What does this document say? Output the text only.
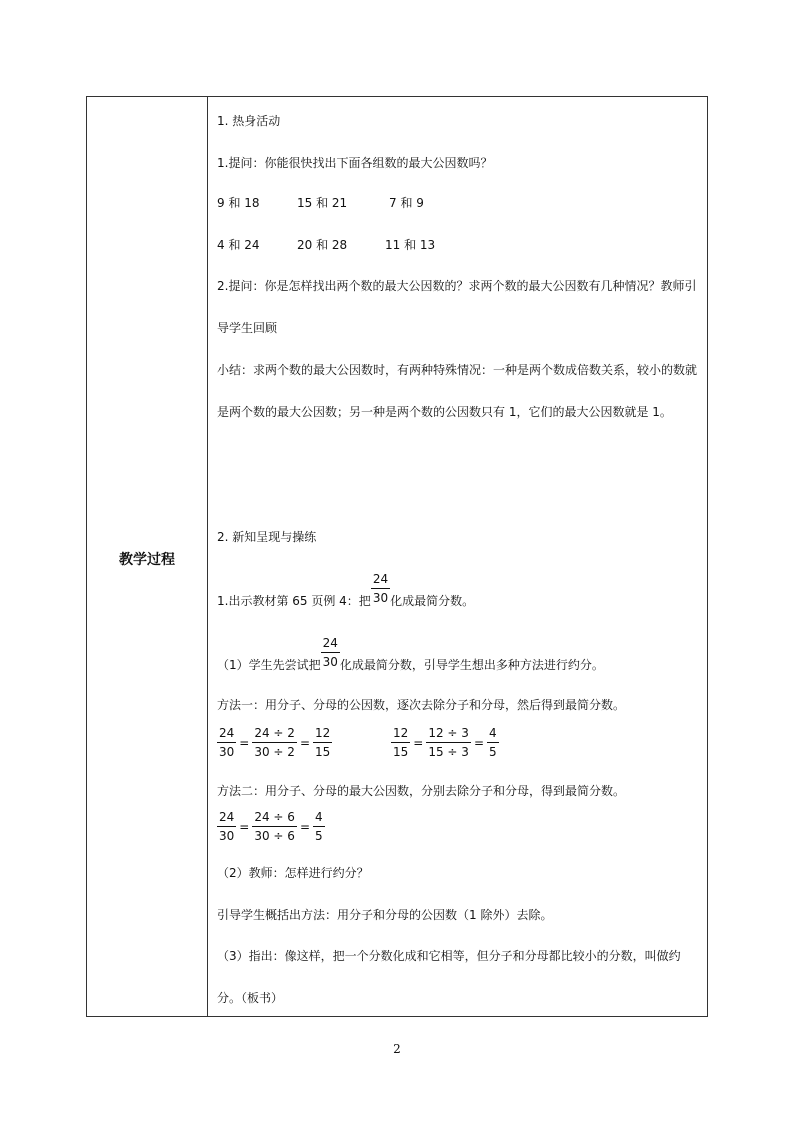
教学过程
1. 热身活动
1.提问：你能很快找出下面各组数的最大公因数吗？
9 和 18	15 和 21	7 和 9
4 和 24	20 和 28	11 和 13
2.提问：你是怎样找出两个数的最大公因数的？求两个数的最大公因数有几种情况？教师引导学生回顾
小结：求两个数的最大公因数时，有两种特殊情况：一种是两个数成倍数关系，较小的数就是两个数的最大公因数；另一种是两个数的公因数只有 1，它们的最大公因数就是 1。
2. 新知呈现与操练
1.出示教材第 65 页例 4：把 $\frac{24}{30}$ 化成最简分数。
（1）学生先尝试把 $\frac{24}{30}$ 化成最简分数，引导学生想出多种方法进行约分。
方法一：用分子、分母的公因数，逐次去除分子和分母，然后得到最简分数。
$\frac{24}{30} = \frac{24 \div 2}{30 \div 2} = \frac{12}{15}$	$\frac{12}{15} = \frac{12 \div 3}{15 \div 3} = \frac{4}{5}$
方法二：用分子、分母的最大公因数，分别去除分子和分母，得到最简分数。
$\frac{24}{30} = \frac{24 \div 6}{30 \div 6} = \frac{4}{5}$
（2）教师：怎样进行约分？
引导学生概括出方法：用分子和分母的公因数（1 除外）去除。
（3）指出：像这样，把一个分数化成和它相等，但分子和分母都比较小的分数，叫做约分。（板书）
2
